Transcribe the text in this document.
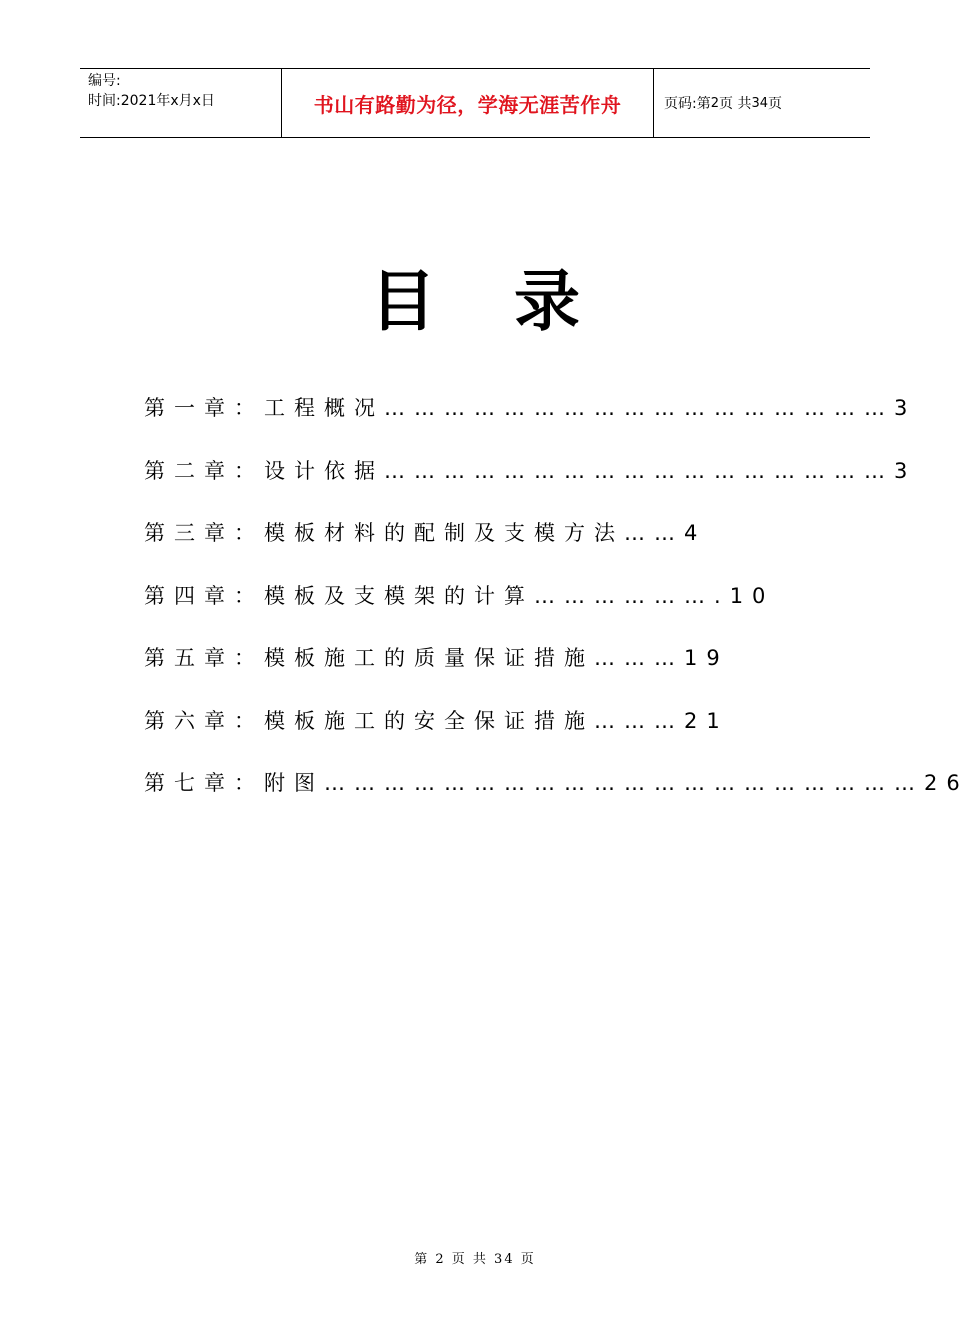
编号:
时间:2021年x月x日	书山有路勤为径，学海无涯苦作舟	页码:第 2 页 共 34 页
目 录
第一章：工程概况……………………………………………3
第二章：设计依据……………………………………………3
第三章：模板材料的配制及支模方法……4
第四章：模板及支模架的计算……………….10
第五章：模板施工的质量保证措施………19
第六章：模板施工的安全保证措施………21
第七章：附图……………………………………………………26
第 2 页 共 34 页
